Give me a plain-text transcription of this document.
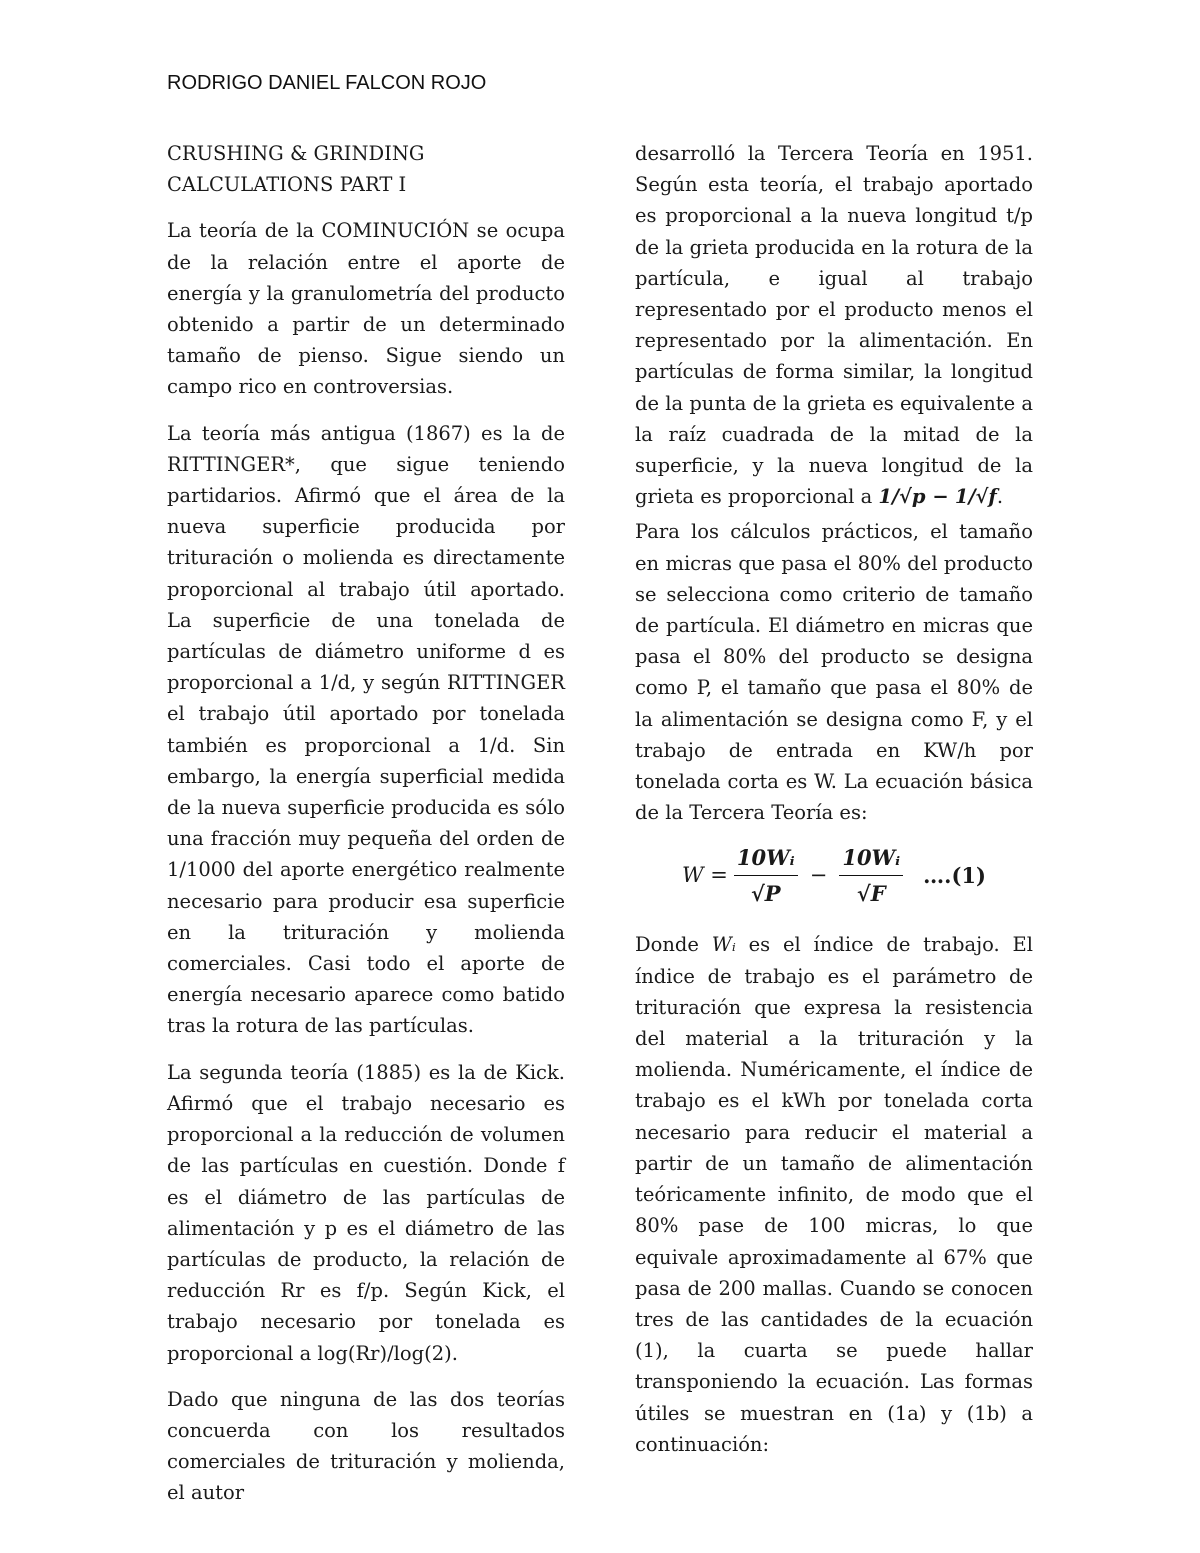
RODRIGO DANIEL FALCON ROJO
CRUSHING & GRINDING
CALCULATIONS PART I

La teoría de la COMINUCIÓN se ocupa de la relación entre el aporte de energía y la granulometría del producto obtenido a partir de un determinado tamaño de pienso. Sigue siendo un campo rico en controversias.

La teoría más antigua (1867) es la de RITTINGER*, que sigue teniendo partidarios. Afirmó que el área de la nueva superficie producida por trituración o molienda es directamente proporcional al trabajo útil aportado. La superficie de una tonelada de partículas de diámetro uniforme d es proporcional a 1/d, y según RITTINGER el trabajo útil aportado por tonelada también es proporcional a 1/d. Sin embargo, la energía superficial medida de la nueva superficie producida es sólo una fracción muy pequeña del orden de 1/1000 del aporte energético realmente necesario para producir esa superficie en la trituración y molienda comerciales. Casi todo el aporte de energía necesario aparece como batido tras la rotura de las partículas.

La segunda teoría (1885) es la de Kick. Afirmó que el trabajo necesario es proporcional a la reducción de volumen de las partículas en cuestión. Donde f es el diámetro de las partículas de alimentación y p es el diámetro de las partículas de producto, la relación de reducción Rr es f/p. Según Kick, el trabajo necesario por tonelada es proporcional a log(Rr)/log(2).

Dado que ninguna de las dos teorías concuerda con los resultados comerciales de trituración y molienda, el autor

desarrolló la Tercera Teoría en 1951. Según esta teoría, el trabajo aportado es proporcional a la nueva longitud t/p de la grieta producida en la rotura de la partícula, e igual al trabajo representado por el producto menos el representado por la alimentación. En partículas de forma similar, la longitud de la punta de la grieta es equivalente a la raíz cuadrada de la mitad de la superficie, y la nueva longitud de la grieta es proporcional a 1/√p − 1/√f.

Para los cálculos prácticos, el tamaño en micras que pasa el 80% del producto se selecciona como criterio de tamaño de partícula. El diámetro en micras que pasa el 80% del producto se designa como P, el tamaño que pasa el 80% de la alimentación se designa como F, y el trabajo de entrada en KW/h por tonelada corta es W. La ecuación básica de la Tercera Teoría es:

$W = \frac{\text{10Wᵢ}}{√P} - \frac{\text{10Wᵢ}}{√F}$ ….(1)

Donde Wᵢ es el índice de trabajo. El índice de trabajo es el parámetro de trituración que expresa la resistencia del material a la trituración y la molienda. Numéricamente, el índice de trabajo es el kWh por tonelada corta necesario para reducir el material a partir de un tamaño de alimentación teóricamente infinito, de modo que el 80% pase de 100 micras, lo que equivale aproximadamente al 67% que pasa de 200 mallas. Cuando se conocen tres de las cantidades de la ecuación (1), la cuarta se puede hallar transponiendo la ecuación. Las formas útiles se muestran en (1a) y (1b) a continuación:
